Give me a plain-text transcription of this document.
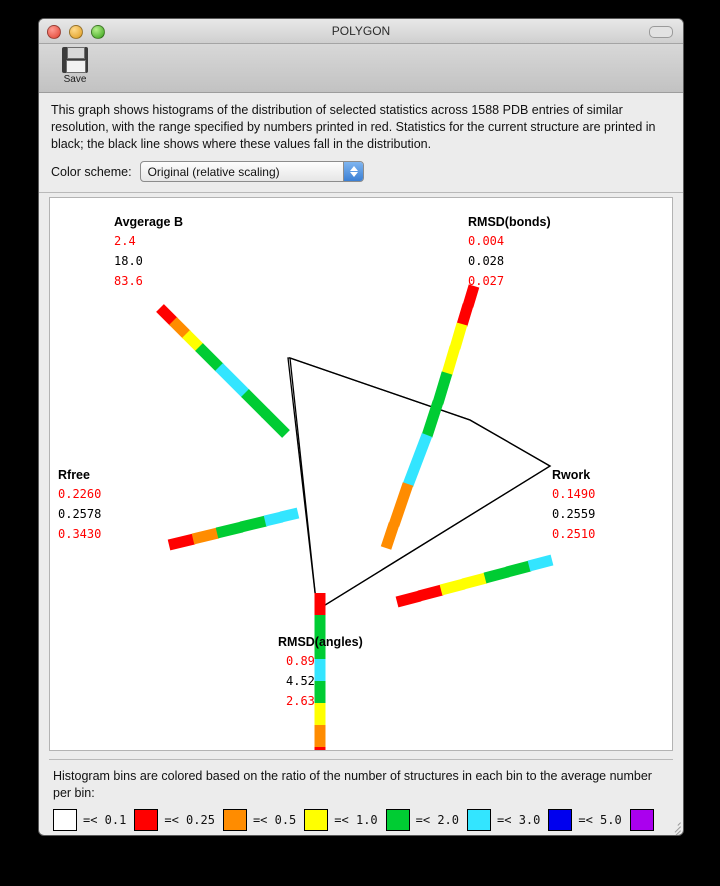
POLYGON
Save
This graph shows histograms of the distribution of selected statistics across 1588 PDB entries of similar resolution, with the range specified by numbers printed in red. Statistics for the current structure are printed in black; the black line shows where these values fall in the distribution.
Color scheme:	Original (relative scaling)
Avgerage B
2.4
18.0
83.6
RMSD(bonds)
0.004
0.028
0.027
Rwork
0.1490
0.2559
0.2510
RMSD(angles)
0.89
4.52
2.63
Rfree
0.2260
0.2578
0.3430
Histogram bins are colored based on the ratio of the number of structures in each bin to the average number per bin:
=< 0.1	=< 0.25	=< 0.5	=< 1.0	=< 2.0	=< 3.0	=< 5.0
